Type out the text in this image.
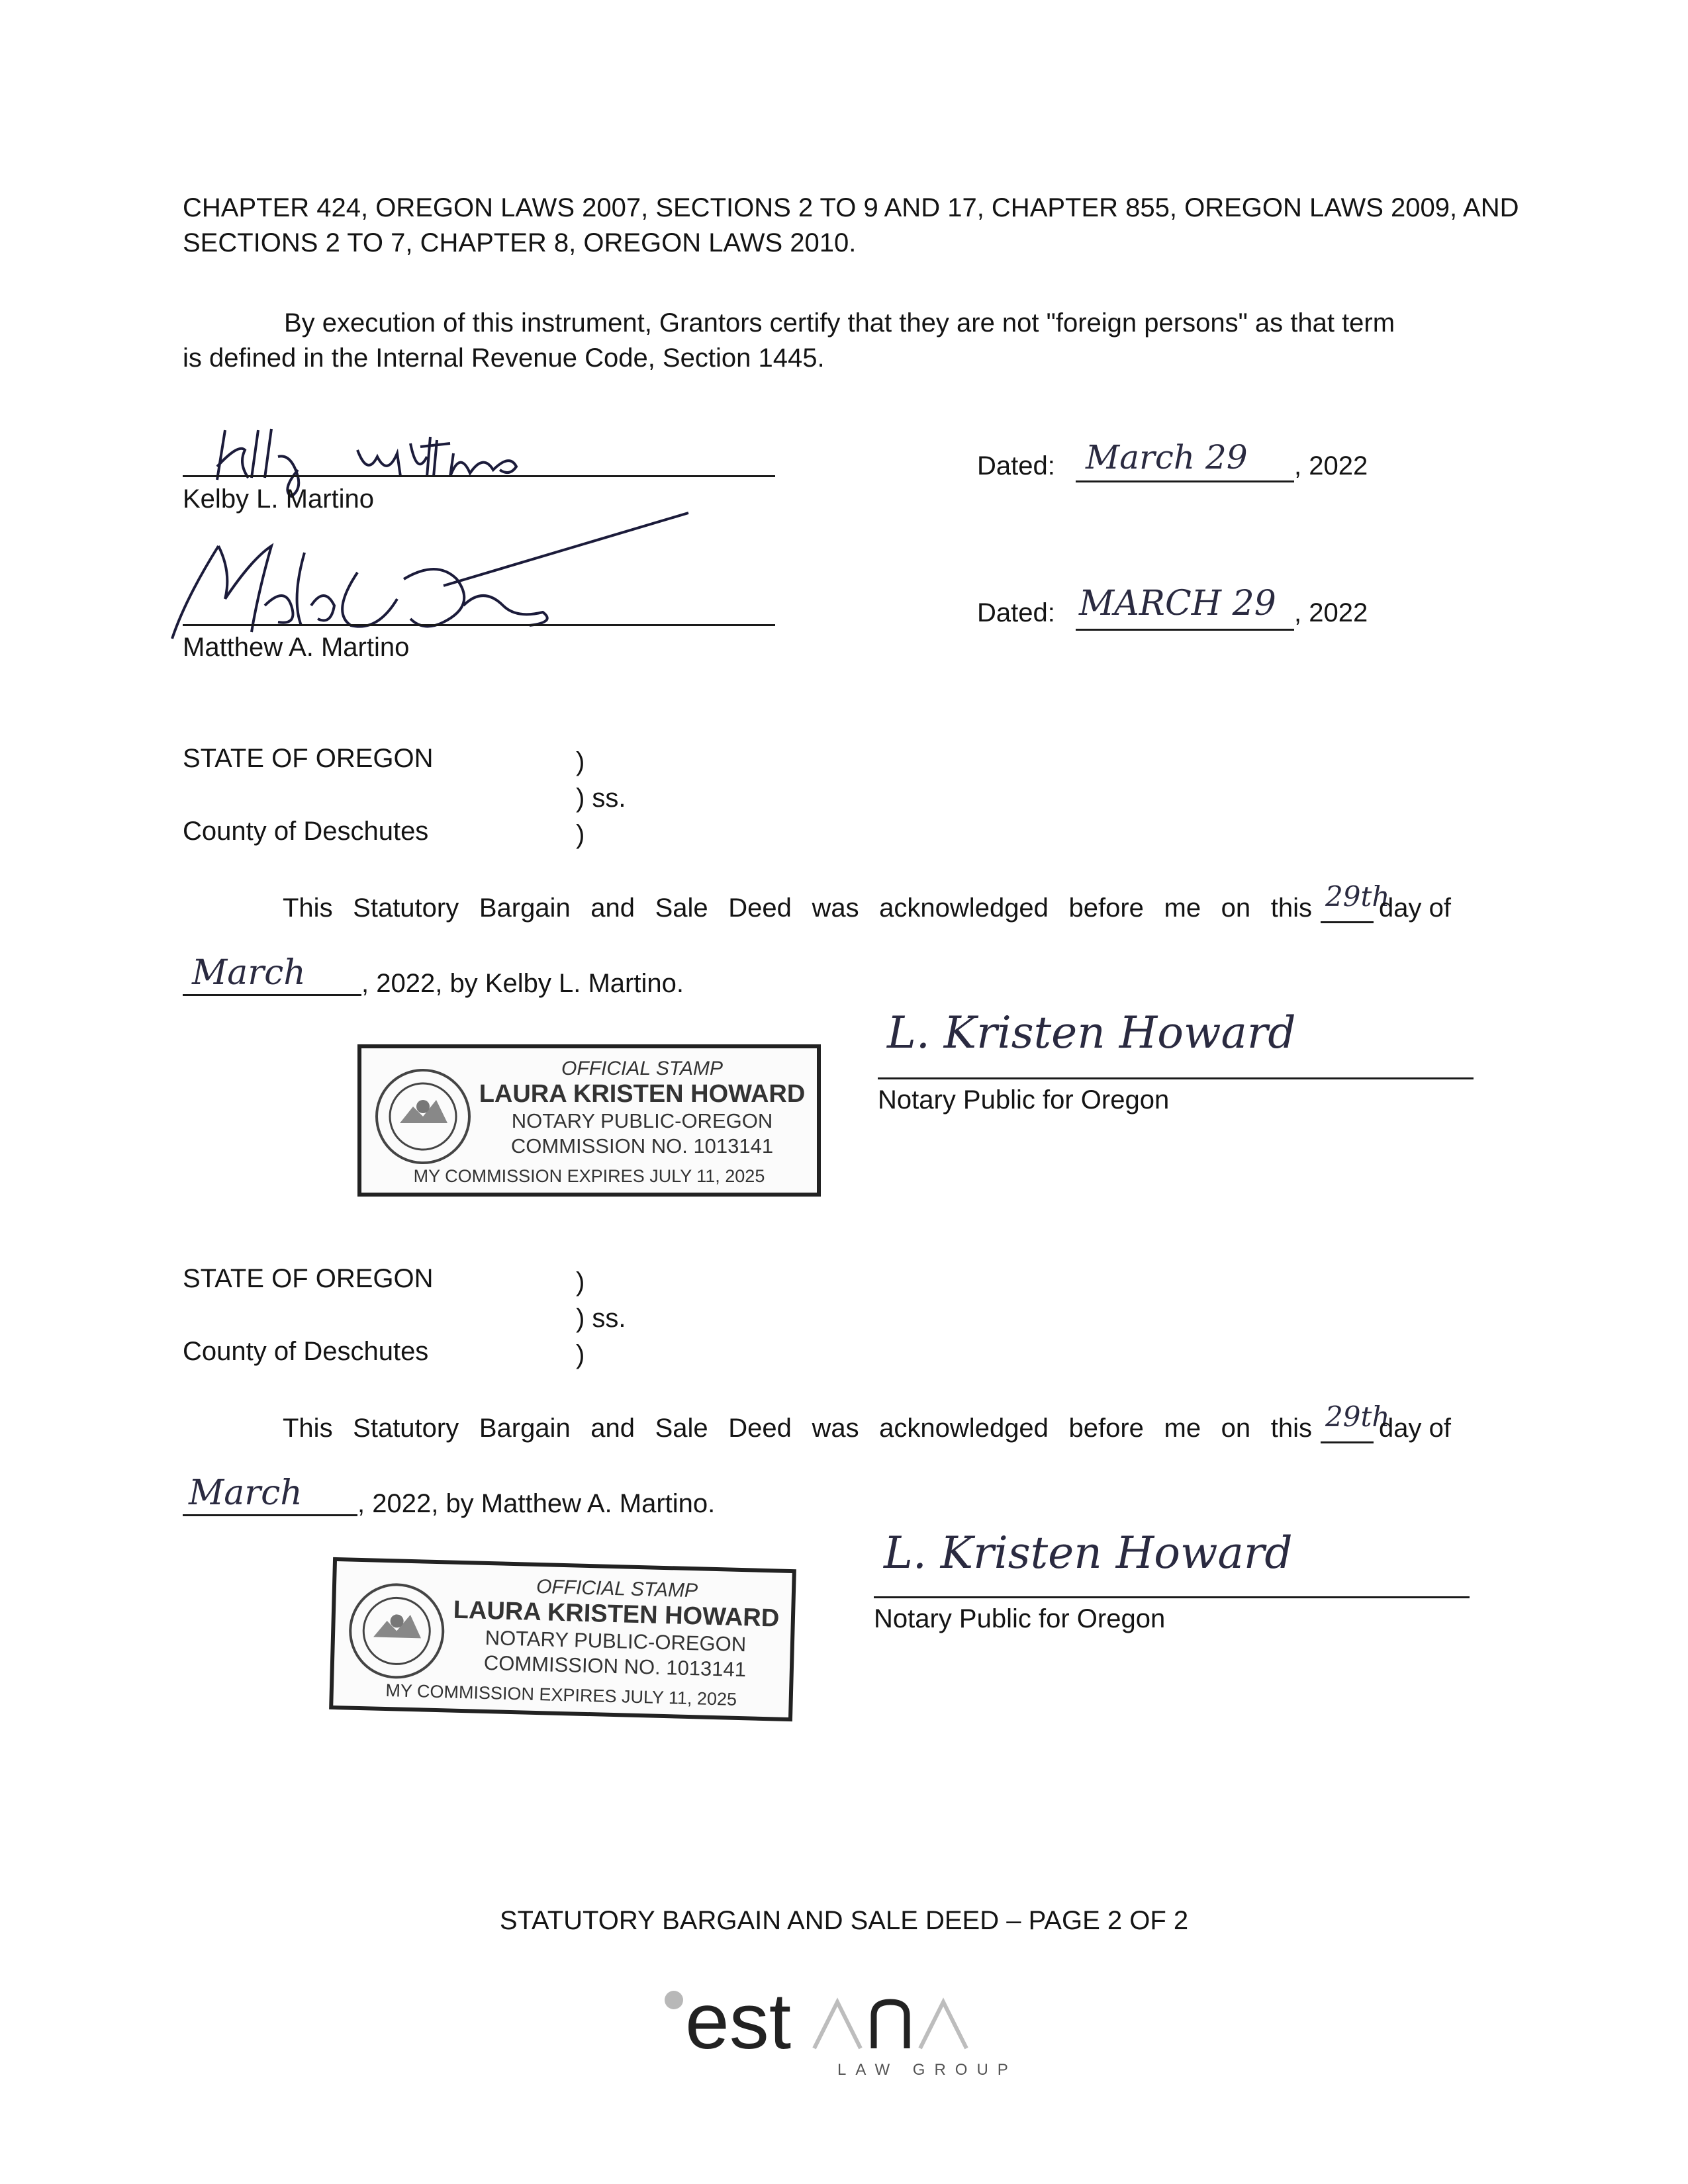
CHAPTER 424, OREGON LAWS 2007, SECTIONS 2 TO 9 AND 17, CHAPTER 855, OREGON LAWS 2009, AND
SECTIONS 2 TO 7, CHAPTER 8, OREGON LAWS 2010.
By execution of this instrument, Grantors certify that they are not "foreign persons" as that term
is defined in the Internal Revenue Code, Section 1445.
Kelby L. Martino
Dated: March 29 , 2022
Matthew A. Martino
Dated: MARCH 29 , 2022
STATE OF OREGON	)
) ss.
County of Deschutes	)
This Statutory Bargain and Sale Deed was acknowledged before me on this 29th
day of
March , 2022, by Kelby L. Martino.
OFFICIAL STAMP
LAURA KRISTEN HOWARD
NOTARY PUBLIC-OREGON
COMMISSION NO. 1013141
MY COMMISSION EXPIRES JULY 11, 2025
L. Kristen Howard
Notary Public for Oregon
STATE OF OREGON	)
) ss.
County of Deschutes	)
This Statutory Bargain and Sale Deed was acknowledged before me on this 29th
day of
March , 2022, by Matthew A. Martino.
OFFICIAL STAMP
LAURA KRISTEN HOWARD
NOTARY PUBLIC-OREGON
COMMISSION NO. 1013141
MY COMMISSION EXPIRES JULY 11, 2025
L. Kristen Howard
Notary Public for Oregon
STATUTORY BARGAIN AND SALE DEED – PAGE 2 OF 2
est
LAW GROUP
